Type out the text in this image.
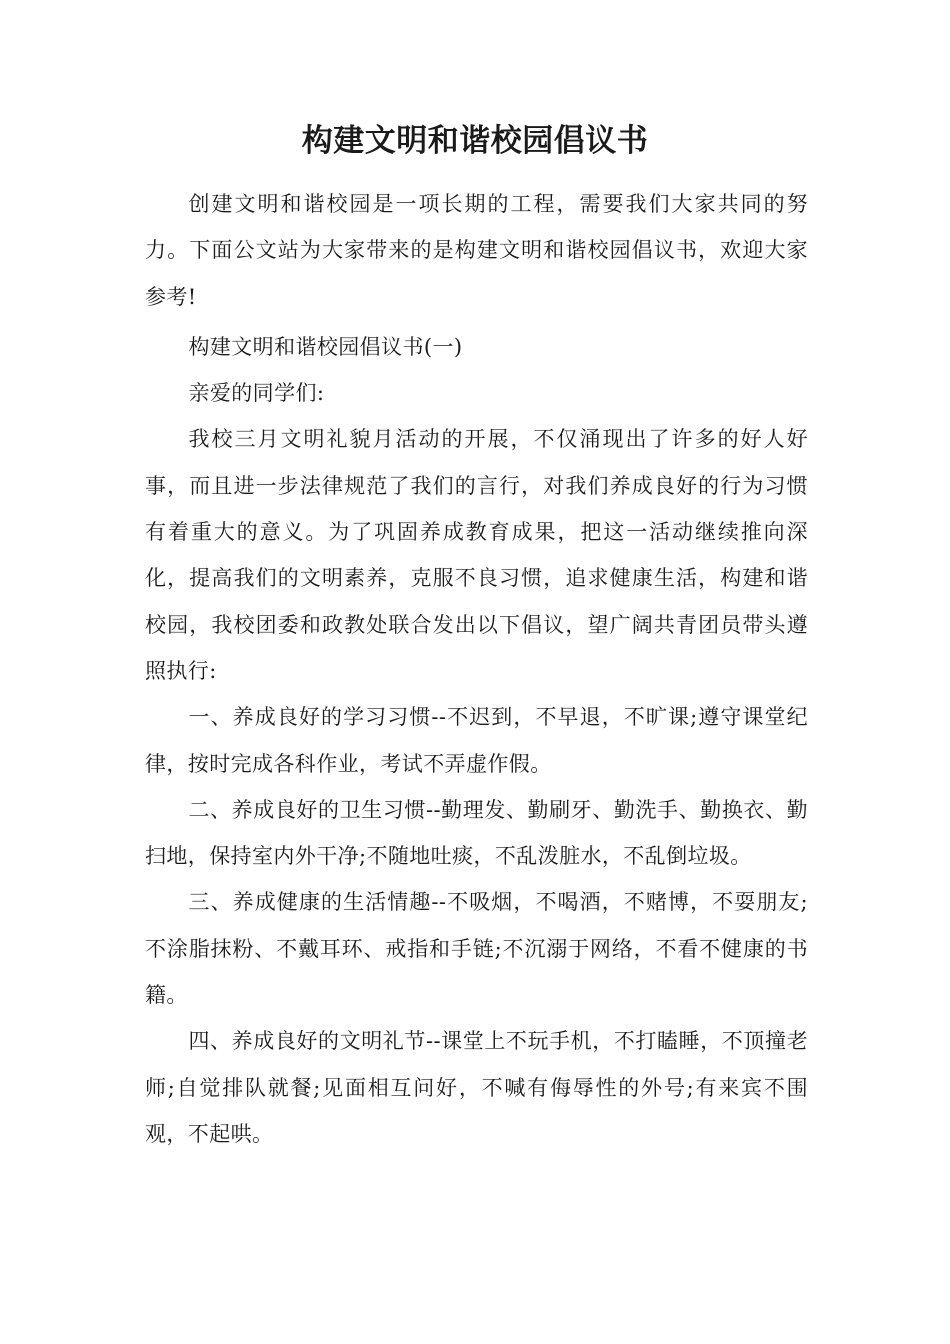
构建文明和谐校园倡议书

创建文明和谐校园是一项长期的工程，需要我们大家共同的努力。下面公文站为大家带来的是构建文明和谐校园倡议书，欢迎大家参考!

构建文明和谐校园倡议书(一)

亲爱的同学们:

我校三月文明礼貌月活动的开展，不仅涌现出了许多的好人好事，而且进一步法律规范了我们的言行，对我们养成良好的行为习惯有着重大的意义。为了巩固养成教育成果，把这一活动继续推向深化，提高我们的文明素养，克服不良习惯，追求健康生活，构建和谐校园，我校团委和政教处联合发出以下倡议，望广阔共青团员带头遵照执行:

一、养成良好的学习习惯--不迟到，不早退，不旷课;遵守课堂纪律，按时完成各科作业，考试不弄虚作假。

二、养成良好的卫生习惯--勤理发、勤刷牙、勤洗手、勤换衣、勤扫地，保持室内外干净;不随地吐痰，不乱泼脏水，不乱倒垃圾。

三、养成健康的生活情趣--不吸烟，不喝酒，不赌博，不耍朋友;不涂脂抹粉、不戴耳环、戒指和手链;不沉溺于网络，不看不健康的书籍。

四、养成良好的文明礼节--课堂上不玩手机，不打瞌睡，不顶撞老师;自觉排队就餐;见面相互问好，不喊有侮辱性的外号;有来宾不围观，不起哄。
